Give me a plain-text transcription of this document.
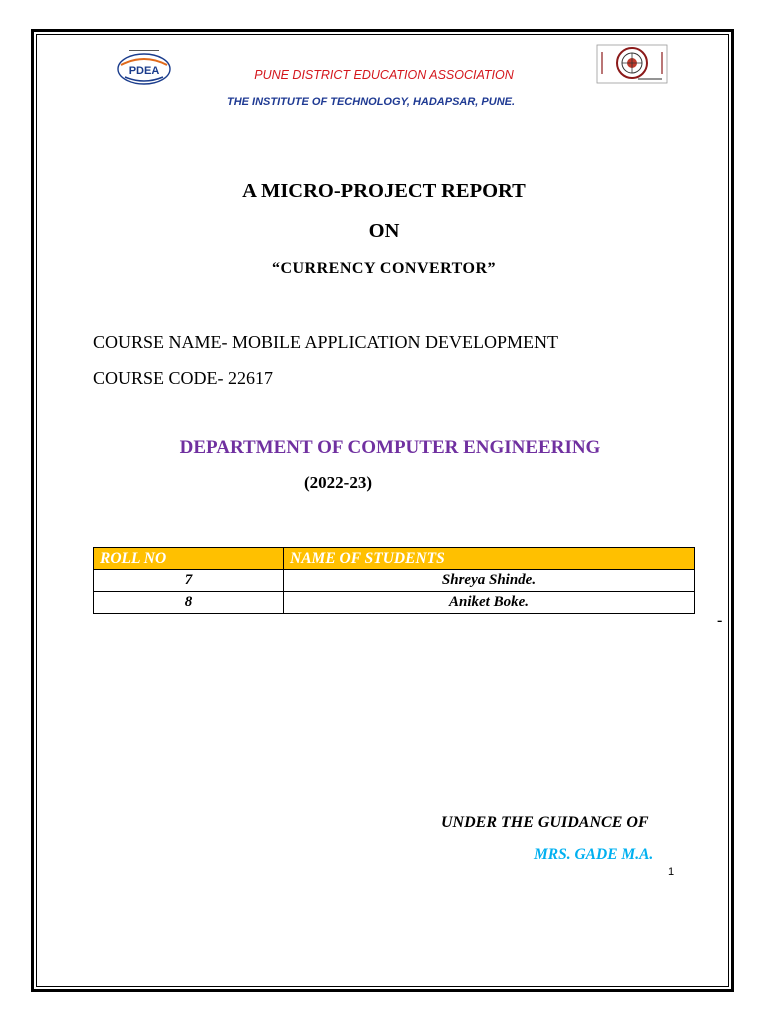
PDEA	PUNE DISTRICT EDUCATION ASSOCIATION
THE INSTITUTE OF TECHNOLOGY, HADAPSAR, PUNE.
A MICRO-PROJECT REPORT
ON
“CURRENCY CONVERTOR”
COURSE NAME- MOBILE APPLICATION DEVELOPMENT
COURSE CODE- 22617
DEPARTMENT OF COMPUTER ENGINEERING
(2022-23)
ROLL NO	NAME OF STUDENTS
7	Shreya Shinde.
8	Aniket Boke.
-
UNDER THE GUIDANCE OF
MRS. GADE M.A.
1
